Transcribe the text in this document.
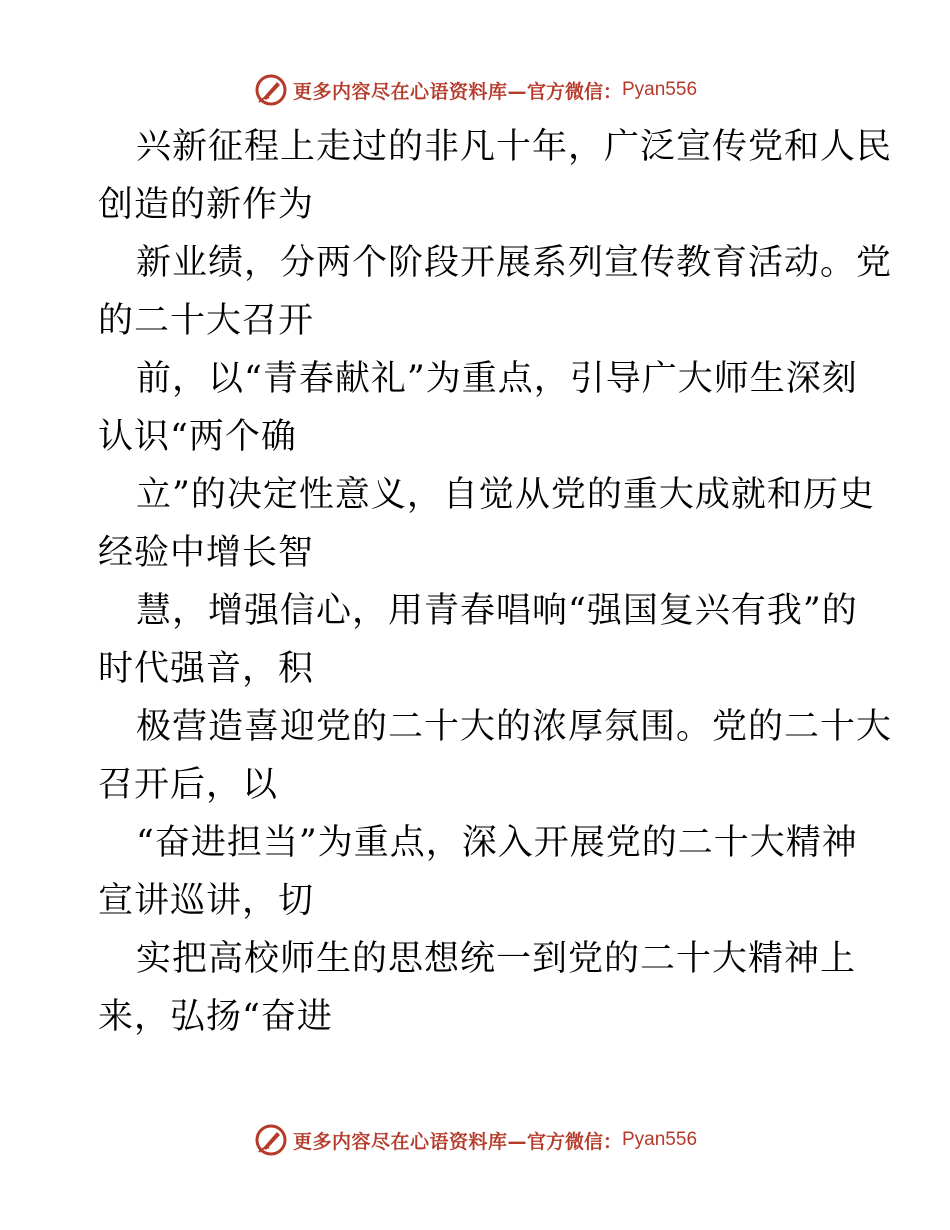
更多内容尽在心语资料库— 官方微信： Pyan556
兴新征程上走过的非凡十年，广泛宣传党和人民
创造的新作为
新业绩，分两个阶段开展系列宣传教育活动。党
的二十大召开
前，以“青春献礼”为重点，引导广大师生深刻
认识“两个确
立”的决定性意义，自觉从党的重大成就和历史
经验中增长智
慧，增强信心，用青春唱响“强国复兴有我”的
时代强音，积
极营造喜迎党的二十大的浓厚氛围。党的二十大
召开后，以
“奋进担当”为重点，深入开展党的二十大精神
宣讲巡讲，切
实把高校师生的思想统一到党的二十大精神上
来，弘扬“奋进
更多内容尽在心语资料库— 官方微信： Pyan556
